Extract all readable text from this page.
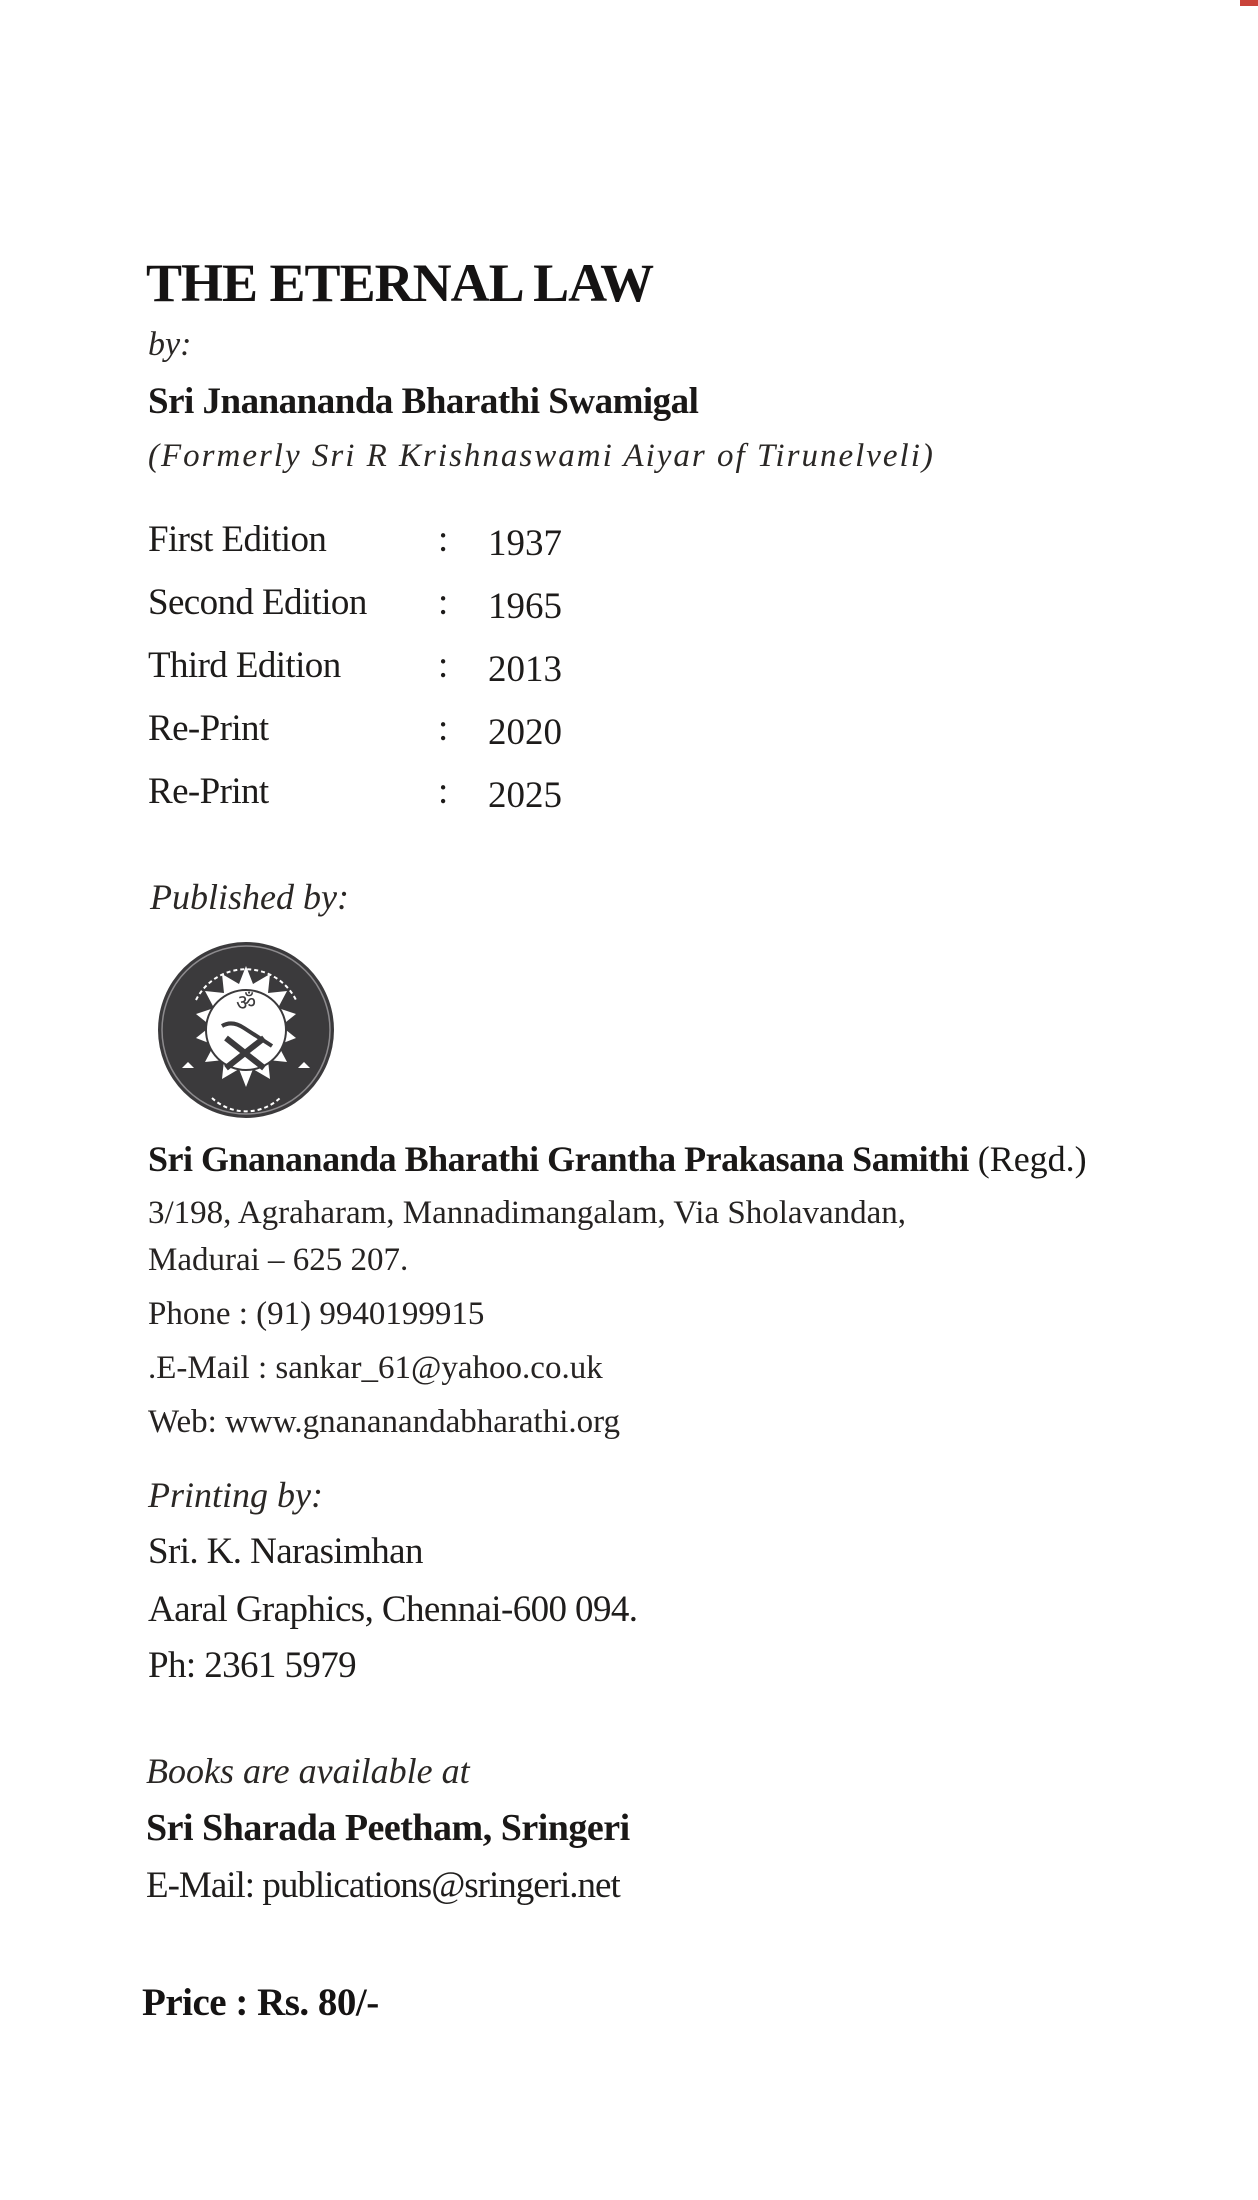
THE ETERNAL LAW
by:
Sri Jnanananda Bharathi Swamigal
(Formerly Sri R Krishnaswami Aiyar of Tirunelveli)
First Edition	: 1937
Second Edition : 1965
Third Edition	: 2013
Re-Print	: 2020
Re-Print	: 2025
Published by:
ॐ
Sri Gnanananda Bharathi Grantha Prakasana Samithi (Regd.)
3/198, Agraharam, Mannadimangalam, Via Sholavandan,
Madurai – 625 207.
Phone : (91) 9940199915
.E-Mail : sankar_61@yahoo.co.uk
Web: www.gnananandabharathi.org
Printing by:
Sri. K. Narasimhan
Aaral Graphics, Chennai-600 094.
Ph: 2361 5979
Books are available at
Sri Sharada Peetham, Sringeri
E-Mail: publications@sringeri.net
Price : Rs. 80/-
